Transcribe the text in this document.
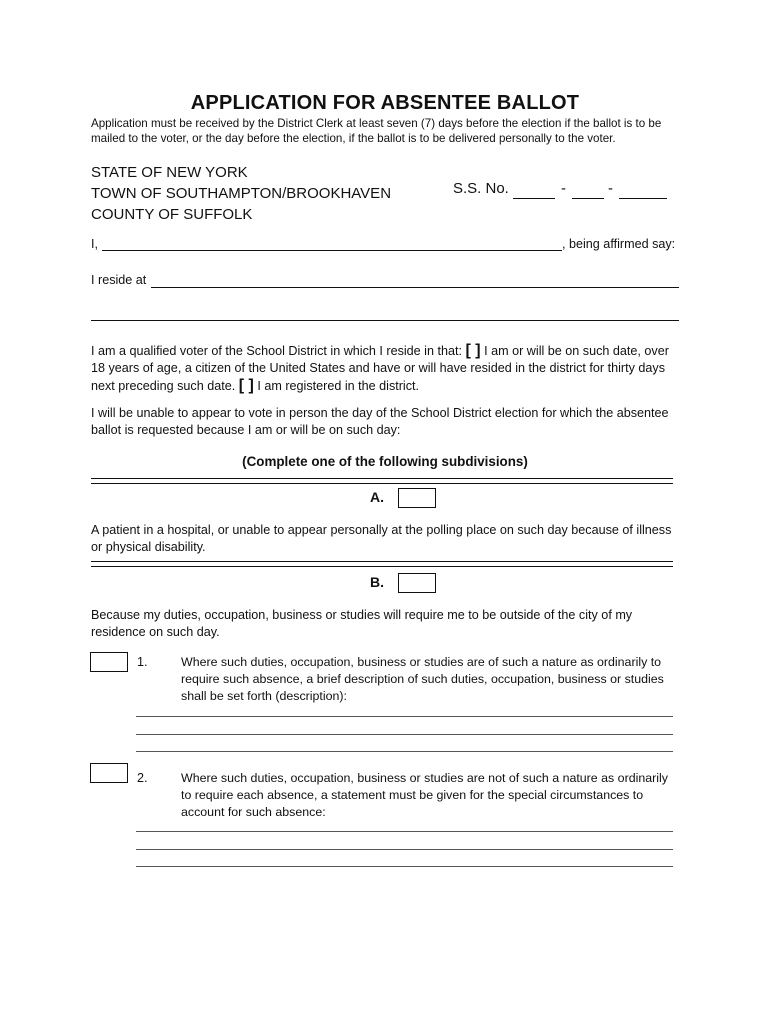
APPLICATION FOR ABSENTEE BALLOT
Application must be received by the District Clerk at least seven (7) days before the election if the ballot is to be mailed to the voter, or the day before the election, if the ballot is to be delivered personally to the voter.
STATE OF NEW YORK
TOWN OF SOUTHAMPTON/BROOKHAVEN
COUNTY OF SUFFOLK
S.S. No.	-	-
I,	, being affirmed say:
I reside at
I am a qualified voter of the School District in which I reside in that: [ ] I am or will be on such date, over 18 years of age, a citizen of the United States and have or will have resided in the district for thirty days next preceding such date. [ ] I am registered in the district.
I will be unable to appear to vote in person the day of the School District election for which the absentee ballot is requested because I am or will be on such day:
(Complete one of the following subdivisions)
A.
A patient in a hospital, or unable to appear personally at the polling place on such day because of illness or physical disability.
B.
Because my duties, occupation, business or studies will require me to be outside of the city of my residence on such day.
1.	Where such duties, occupation, business or studies are of such a nature as ordinarily to require such absence, a brief description of such duties, occupation, business or studies shall be set forth (description):
2.	Where such duties, occupation, business or studies are not of such a nature as ordinarily to require each absence, a statement must be given for the special circumstances to account for such absence:
